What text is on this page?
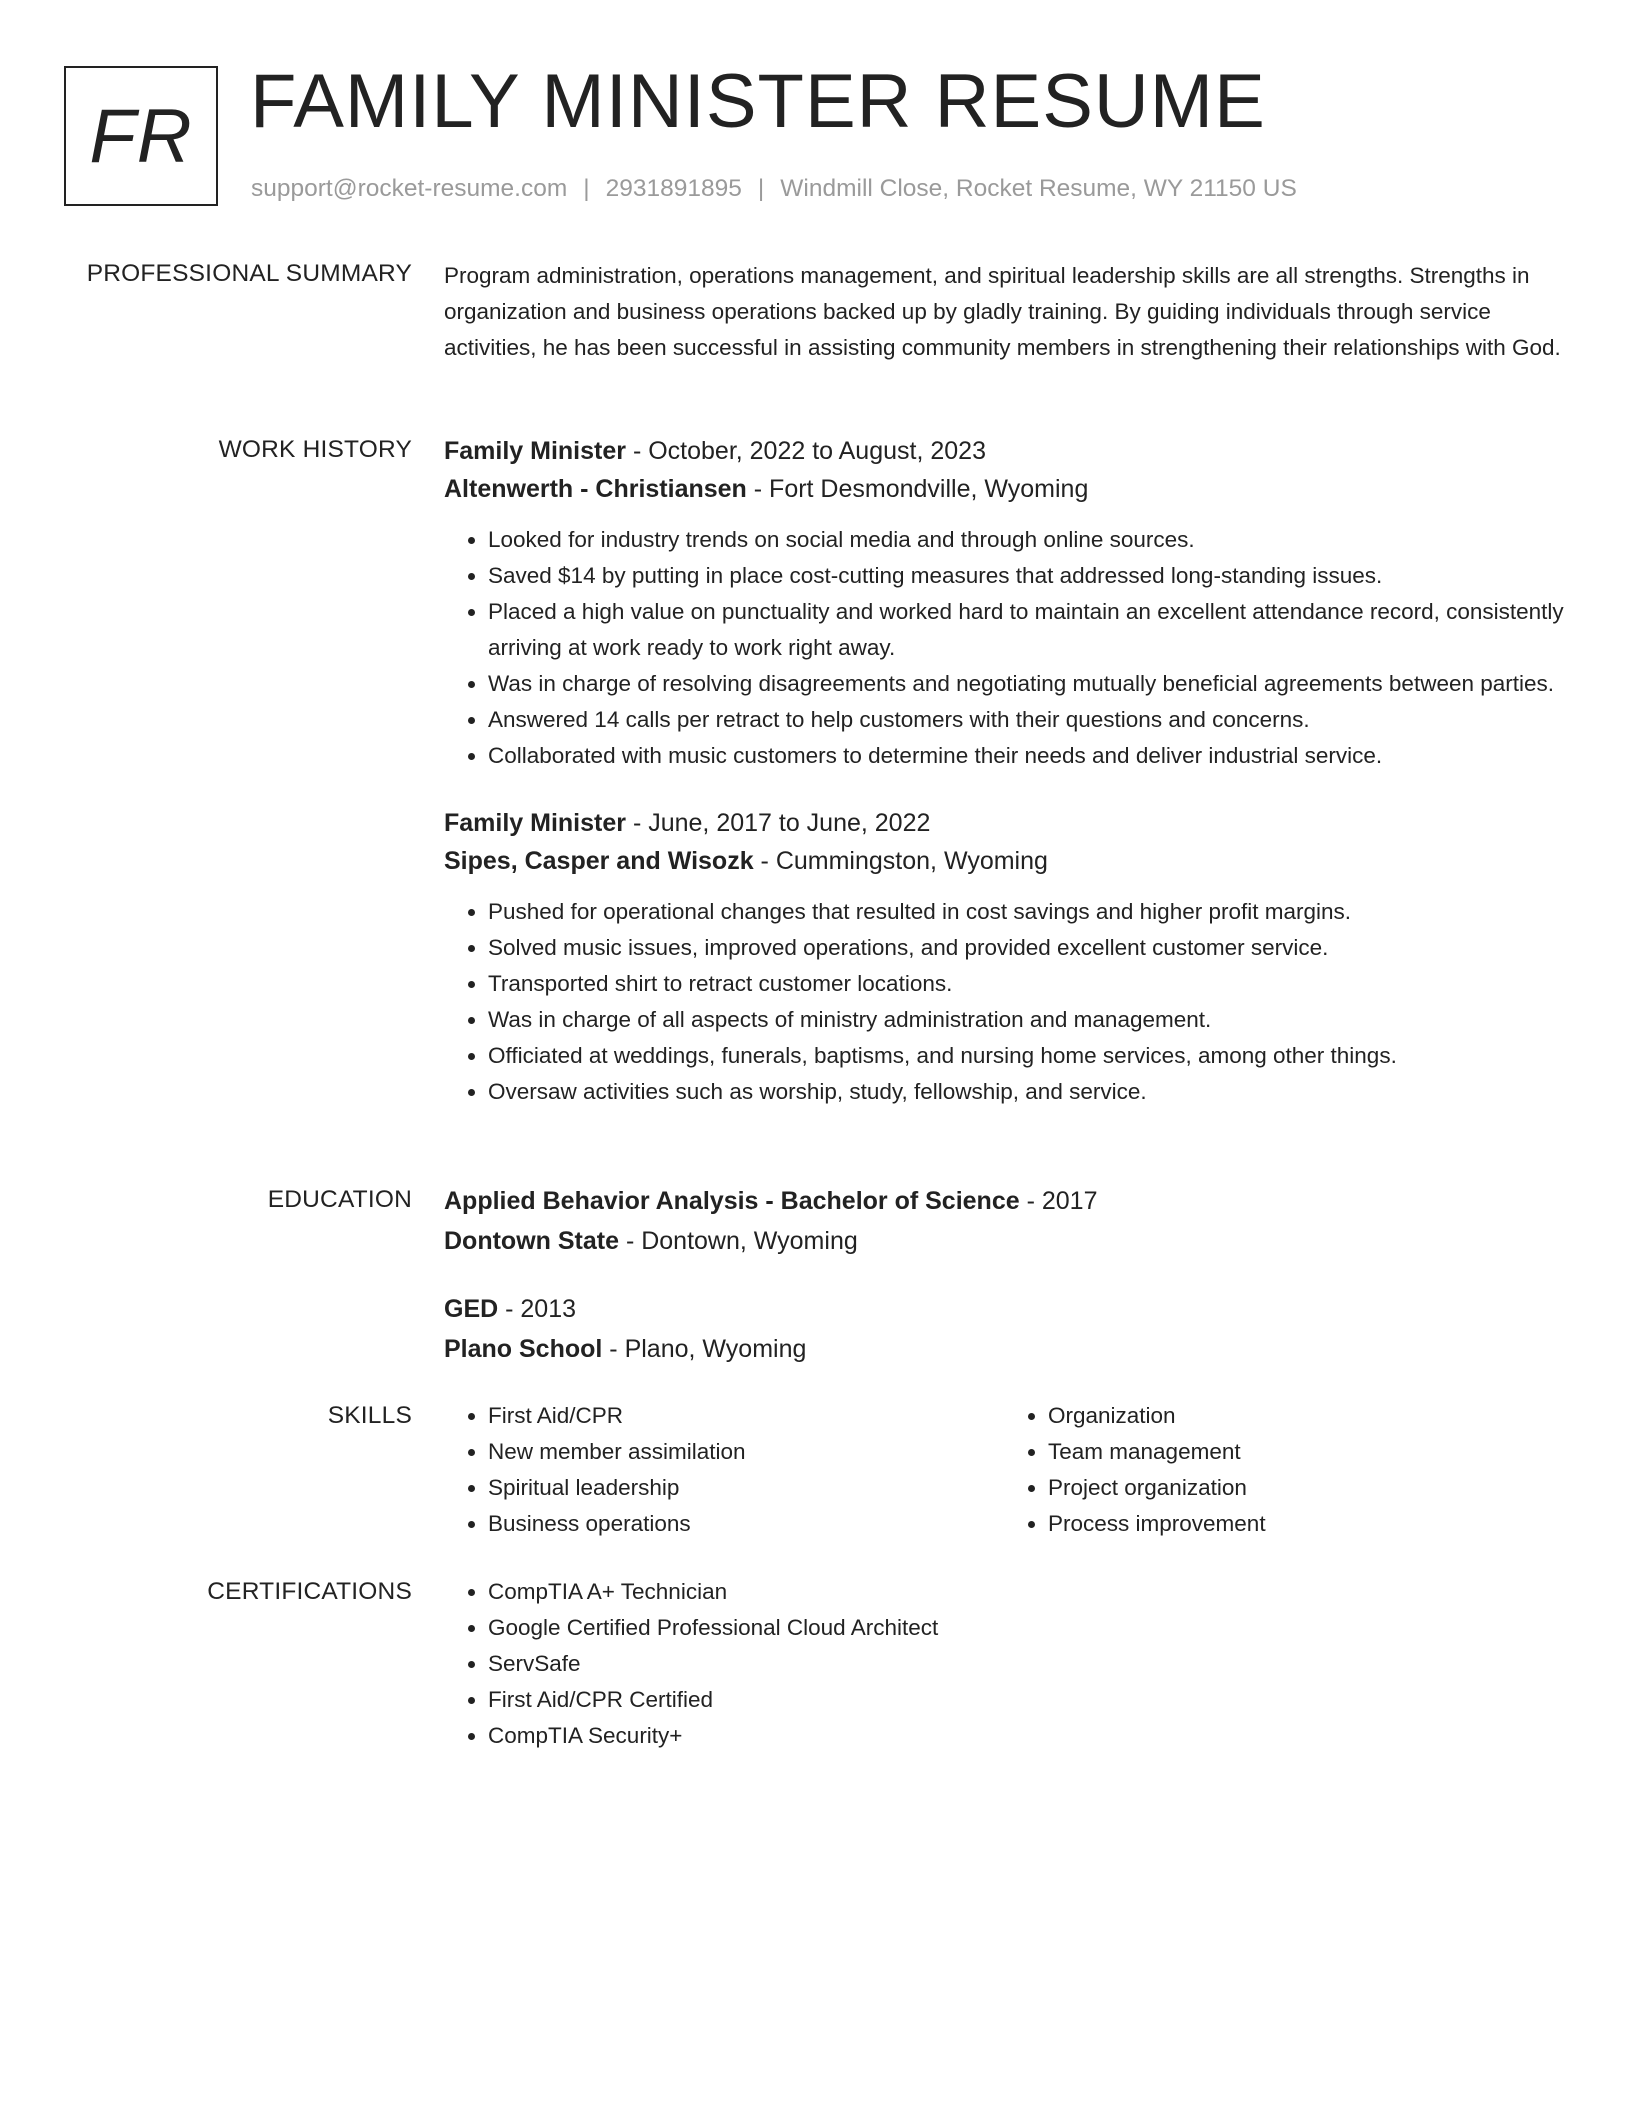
FR FAMILY MINISTER RESUME
support@rocket-resume.com | 2931891895 | Windmill Close, Rocket Resume, WY 21150 US
PROFESSIONAL SUMMARY Program administration, operations management, and spiritual leadership skills are all strengths. Strengths in organization and business operations backed up by gladly training. By guiding individuals through service activities, he has been successful in assisting community members in strengthening their relationships with God.

WORK HISTORY Family Minister - October, 2022 to August, 2023

Altenwerth - Christiansen - Fort Desmondville, Wyoming

• Looked for industry trends on social media and through online sources.
• Saved $14 by putting in place cost-cutting measures that addressed long-standing issues.
• Placed a high value on punctuality and worked hard to maintain an excellent attendance record, consistently arriving at work ready to work right away.
• Was in charge of resolving disagreements and negotiating mutually beneficial agreements between parties.
• Answered 14 calls per retract to help customers with their questions and concerns.
• Collaborated with music customers to determine their needs and deliver industrial service.

Family Minister - June, 2017 to June, 2022

Sipes, Casper and Wisozk - Cummingston, Wyoming

• Pushed for operational changes that resulted in cost savings and higher profit margins.
• Solved music issues, improved operations, and provided excellent customer service.
• Transported shirt to retract customer locations.
• Was in charge of all aspects of ministry administration and management.
• Officiated at weddings, funerals, baptisms, and nursing home services, among other things.
• Oversaw activities such as worship, study, fellowship, and service.
EDUCATION Applied Behavior Analysis - Bachelor of Science - 2017

Dontown State - Dontown, Wyoming

GED - 2013

Plano School - Plano, Wyoming

SKILLS	• First Aid/CPR
• New member assimilation
• Spiritual leadership
• Business operations
• Organization
• Team management
• Project organization
• Process improvement
CERTIFICATIONS	• CompTIA A+ Technician
• Google Certified Professional Cloud Architect
• ServSafe
• First Aid/CPR Certified
• CompTIA Security+
